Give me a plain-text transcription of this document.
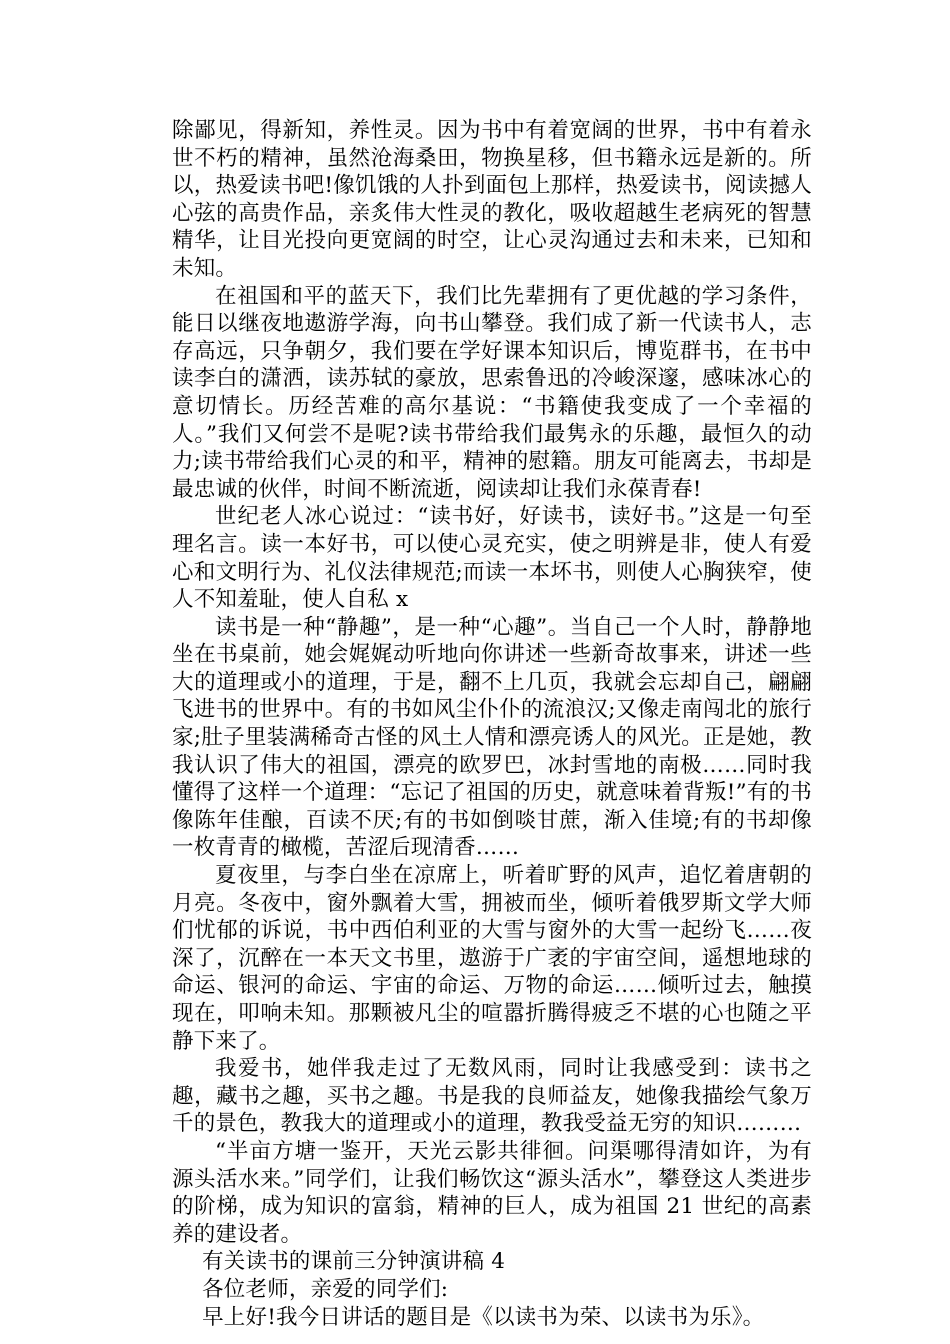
除鄙见，得新知，养性灵。因为书中有着宽阔的世界，书中有着永世不朽的精神，虽然沧海桑田，物换星移，但书籍永远是新的。所以，热爱读书吧!像饥饿的人扑到面包上那样，热爱读书，阅读撼人心弦的高贵作品，亲炙伟大性灵的教化，吸收超越生老病死的智慧精华，让目光投向更宽阔的时空，让心灵沟通过去和未来，已知和未知。

在祖国和平的蓝天下，我们比先辈拥有了更优越的学习条件，能日以继夜地遨游学海，向书山攀登。我们成了新一代读书人，志存高远，只争朝夕，我们要在学好课本知识后，博览群书，在书中读李白的潇洒，读苏轼的豪放，思索鲁迅的冷峻深邃，感味冰心的意切情长。历经苦难的高尔基说：“书籍使我变成了一个幸福的人。”我们又何尝不是呢?读书带给我们最隽永的乐趣，最恒久的动力;读书带给我们心灵的和平，精神的慰籍。朋友可能离去，书却是最忠诚的伙伴，时间不断流逝，阅读却让我们永葆青春!

世纪老人冰心说过：“读书好，好读书，读好书。”这是一句至理名言。读一本好书，可以使心灵充实，使之明辨是非，使人有爱心和文明行为、礼仪法律规范;而读一本坏书，则使人心胸狭窄，使人不知羞耻，使人自私 x

读书是一种“静趣”，是一种“心趣”。当自己一个人时，静静地坐在书桌前，她会娓娓动听地向你讲述一些新奇故事来，讲述一些大的道理或小的道理，于是，翻不上几页，我就会忘却自己，翩翩飞进书的世界中。有的书如风尘仆仆的流浪汉;又像走南闯北的旅行家;肚子里装满稀奇古怪的风土人情和漂亮诱人的风光。正是她，教我认识了伟大的祖国，漂亮的欧罗巴，冰封雪地的南极……同时我懂得了这样一个道理：“忘记了祖国的历史，就意味着背叛!”有的书像陈年佳酿，百读不厌;有的书如倒啖甘蔗，渐入佳境;有的书却像一枚青青的橄榄，苦涩后现清香……

夏夜里，与李白坐在凉席上，听着旷野的风声，追忆着唐朝的月亮。冬夜中，窗外飘着大雪，拥被而坐，倾听着俄罗斯文学大师们忧郁的诉说，书中西伯利亚的大雪与窗外的大雪一起纷飞……夜深了，沉醉在一本天文书里，遨游于广袤的宇宙空间，遥想地球的命运、银河的命运、宇宙的命运、万物的命运……倾听过去，触摸现在，叩响未知。那颗被凡尘的喧嚣折腾得疲乏不堪的心也随之平静下来了。

我爱书，她伴我走过了无数风雨，同时让我感受到：读书之趣，藏书之趣，买书之趣。书是我的良师益友，她像我描绘气象万千的景色，教我大的道理或小的道理，教我受益无穷的知识………

“半亩方塘一鉴开，天光云影共徘徊。问渠哪得清如许，为有源头活水来。”同学们，让我们畅饮这“源头活水”，攀登这人类进步的阶梯，成为知识的富翁，精神的巨人，成为祖国 21 世纪的高素养的建设者。

有关读书的课前三分钟演讲稿 4

各位老师，亲爱的同学们:

早上好!我今日讲话的题目是《以读书为荣、以读书为乐》。
